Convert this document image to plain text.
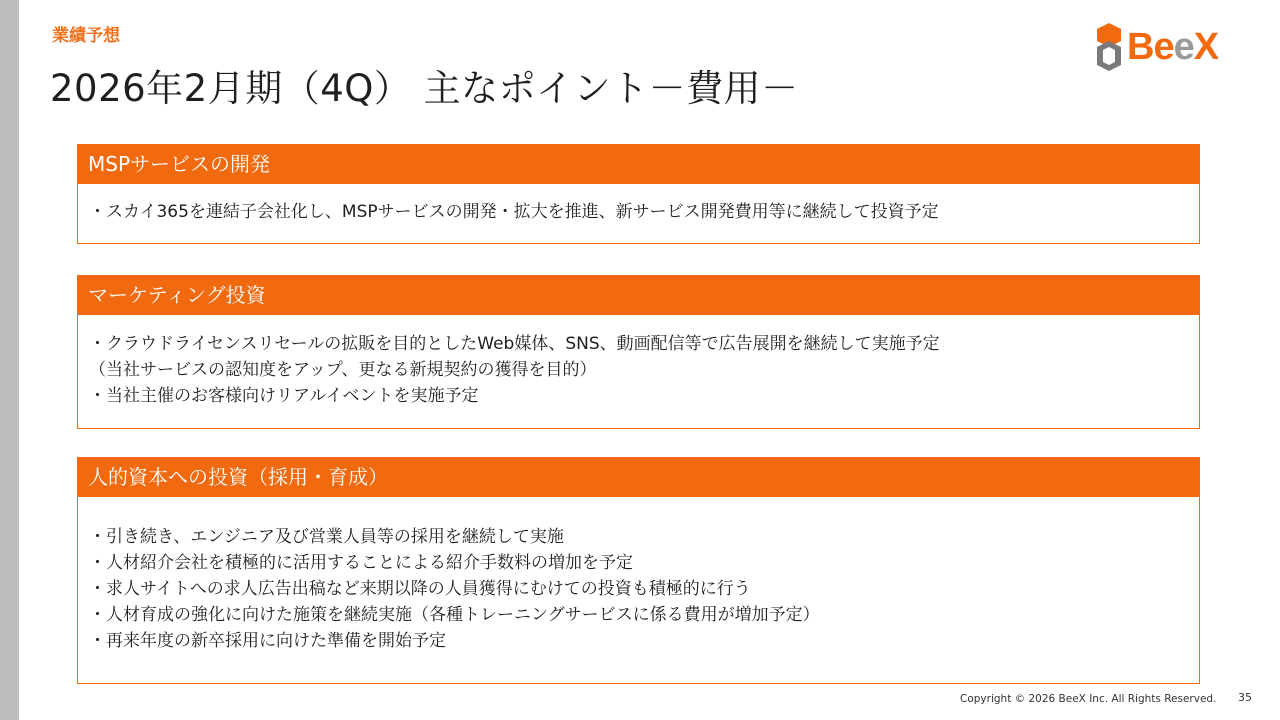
業績予想
2026年2月期（4Q） 主なポイント－費用－
BeeX
MSPサービスの開発

・スカイ365を連結子会社化し、MSPサービスの開発・拡大を推進、新サービス開発費用等に継続して投資予定

マーケティング投資

・クラウドライセンスリセールの拡販を目的としたWeb媒体、SNS、動画配信等で広告展開を継続して実施予定

（当社サービスの認知度をアップ、更なる新規契約の獲得を目的）

・当社主催のお客様向けリアルイベントを実施予定

人的資本への投資（採用・育成）

・引き続き、エンジニア及び営業人員等の採用を継続して実施

・人材紹介会社を積極的に活用することによる紹介手数料の増加を予定

・求人サイトへの求人広告出稿など来期以降の人員獲得にむけての投資も積極的に行う

・人材育成の強化に向けた施策を継続実施（各種トレーニングサービスに係る費用が増加予定）

・再来年度の新卒採用に向けた準備を開始予定

Copyright © 2026 BeeX Inc. All Rights Reserved. 35
